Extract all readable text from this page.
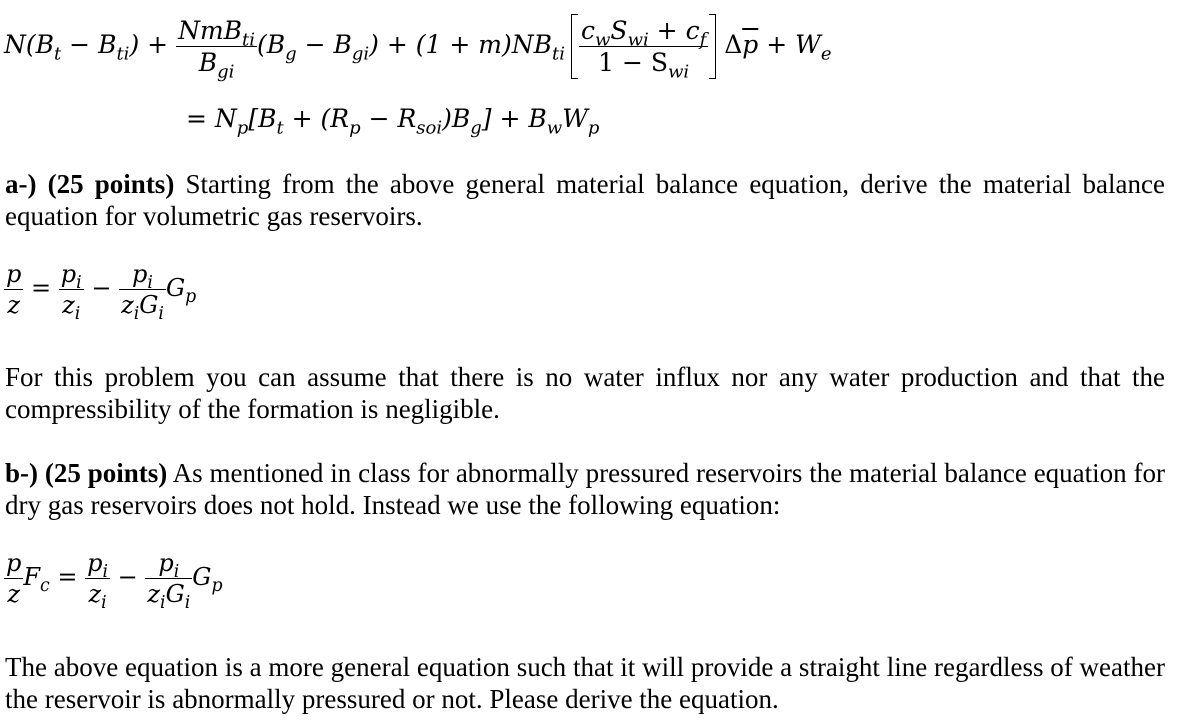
$N(B_t - B_{ti}) + \frac{NmB_{ti}}{B_{gi}} (B_g - B_{gi}) + (1 + m)NB_{ti} \frac{c_wS_{wi} + c_f}{1 - S_{wi}} \Delta\overline{p} + W_e$
= $N_p[B_t + (R_p - R_{soi})B_g] + B_wW_p$
a-) (25 points) Starting from the above general material balance equation, derive the material balance equation for volumetric gas reservoirs.
$\frac{p}{z} = \frac{p_i}{z_i} - \frac{p_i}{z_iG_i} G_p$
For this problem you can assume that there is no water influx nor any water production and that the compressibility of the formation is negligible.
b-) (25 points) As mentioned in class for abnormally pressured reservoirs the material balance equation for dry gas reservoirs does not hold. Instead we use the following equation:
$\frac{p}{z} F_c = \frac{p_i}{z_i} - \frac{p_i}{z_iG_i} G_p$
The above equation is a more general equation such that it will provide a straight line regardless of weather the reservoir is abnormally pressured or not. Please derive the equation.
